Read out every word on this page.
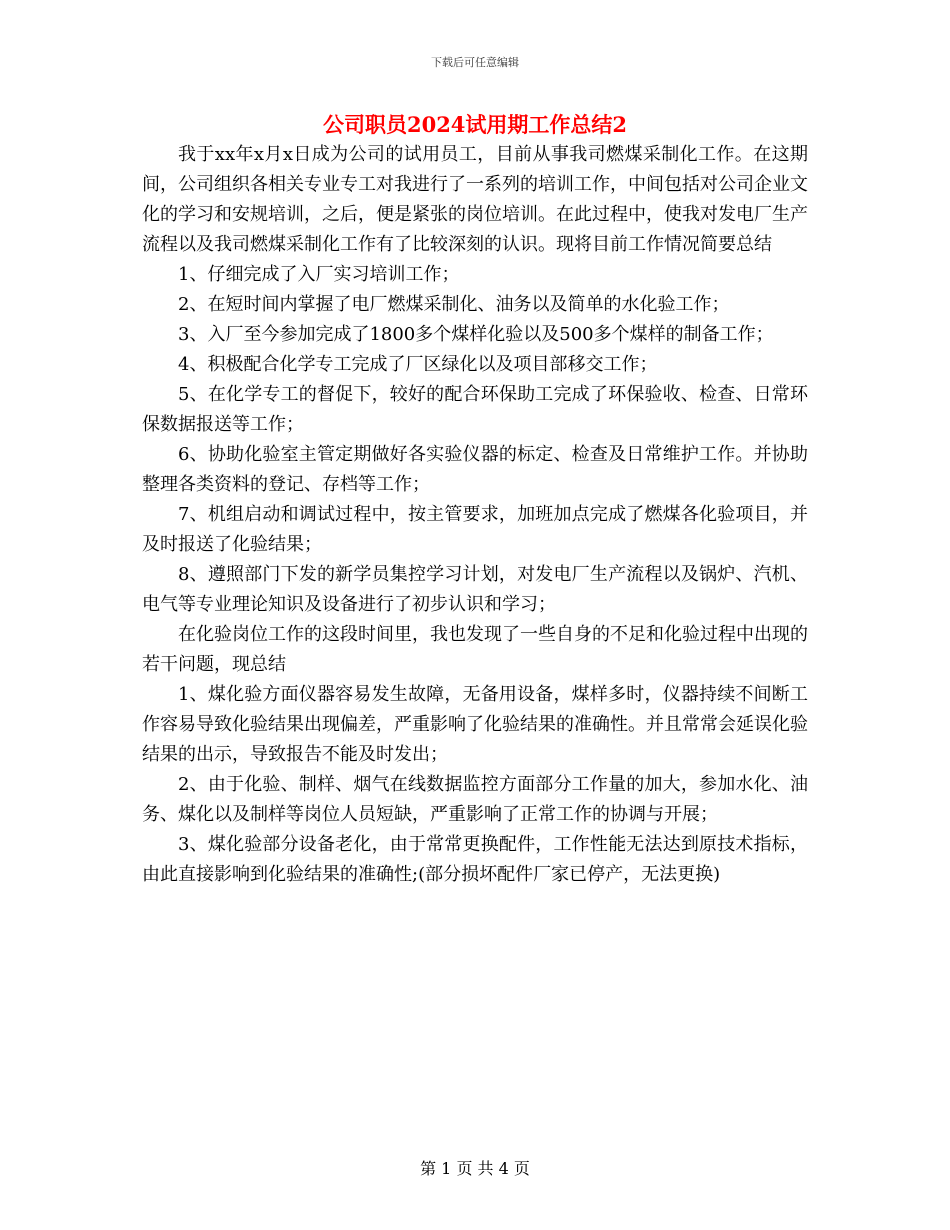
下载后可任意编辑
公司职员2024试用期工作总结2

我于xx年x月x日成为公司的试用员工，目前从事我司燃煤采制化工作。在这期间，公司组织各相关专业专工对我进行了一系列的培训工作，中间包括对公司企业文化的学习和安规培训，之后，便是紧张的岗位培训。在此过程中，使我对发电厂生产流程以及我司燃煤采制化工作有了比较深刻的认识。现将目前工作情况简要总结

1、仔细完成了入厂实习培训工作；

2、在短时间内掌握了电厂燃煤采制化、油务以及简单的水化验工作；

3、入厂至今参加完成了1800多个煤样化验以及500多个煤样的制备工作；

4、积极配合化学专工完成了厂区绿化以及项目部移交工作；

5、在化学专工的督促下，较好的配合环保助工完成了环保验收、检查、日常环保数据报送等工作；

6、协助化验室主管定期做好各实验仪器的标定、检查及日常维护工作。并协助整理各类资料的登记、存档等工作；

7、机组启动和调试过程中，按主管要求，加班加点完成了燃煤各化验项目，并及时报送了化验结果；

8、遵照部门下发的新学员集控学习计划，对发电厂生产流程以及锅炉、汽机、电气等专业理论知识及设备进行了初步认识和学习；

在化验岗位工作的这段时间里，我也发现了一些自身的不足和化验过程中出现的若干问题，现总结

1、煤化验方面仪器容易发生故障，无备用设备，煤样多时，仪器持续不间断工作容易导致化验结果出现偏差，严重影响了化验结果的准确性。并且常常会延误化验结果的出示，导致报告不能及时发出；

2、由于化验、制样、烟气在线数据监控方面部分工作量的加大，参加水化、油务、煤化以及制样等岗位人员短缺，严重影响了正常工作的协调与开展；

3、煤化验部分设备老化，由于常常更换配件，工作性能无法达到原技术指标，由此直接影响到化验结果的准确性;(部分损坏配件厂家已停产，无法更换)

第 1 页 共 4 页
